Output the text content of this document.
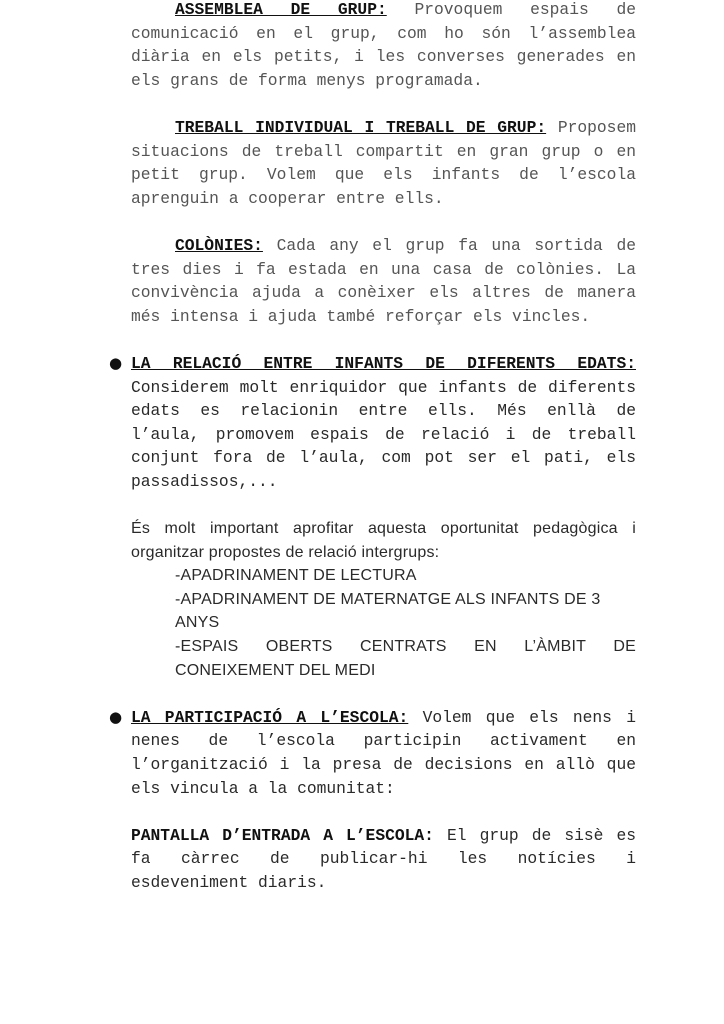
ASSEMBLEA DE GRUP: Provoquem espais de comunicació en el grup, com ho són l’assemblea diària en els petits, i les converses generades en els grans de forma menys programada.

TREBALL INDIVIDUAL I TREBALL DE GRUP: Proposem situacions de treball compartit en gran grup o en petit grup. Volem que els infants de l’escola aprenguin a cooperar entre ells.

COLÒNIES: Cada any el grup fa una sortida de tres dies i fa estada en una casa de colònies. La convivència ajuda a conèixer els altres de manera més intensa i ajuda també reforçar els vincles.

● LA RELACIÓ ENTRE INFANTS DE DIFERENTS EDATS: Considerem molt enriquidor que infants de diferents edats es relacionin entre ells. Més enllà de l’aula, promovem espais de relació i de treball conjunt fora de l’aula, com pot ser el pati, els passadissos,...

És molt important aprofitar aquesta oportunitat pedagògica i organitzar propostes de relació intergrups:

-APADRINAMENT DE LECTURA

-APADRINAMENT DE MATERNATGE ALS INFANTS DE 3 ANYS

-ESPAIS OBERTS CENTRATS EN L’ÀMBIT DE CONEIXEMENT DEL MEDI

● LA PARTICIPACIÓ A L’ESCOLA: Volem que els nens i nenes de l’escola participin activament en l’organització i la presa de decisions en allò que els vincula a la comunitat:

PANTALLA D’ENTRADA A L’ESCOLA: El grup de sisè es fa càrrec de publicar-hi les notícies i esdeveniment diaris.
